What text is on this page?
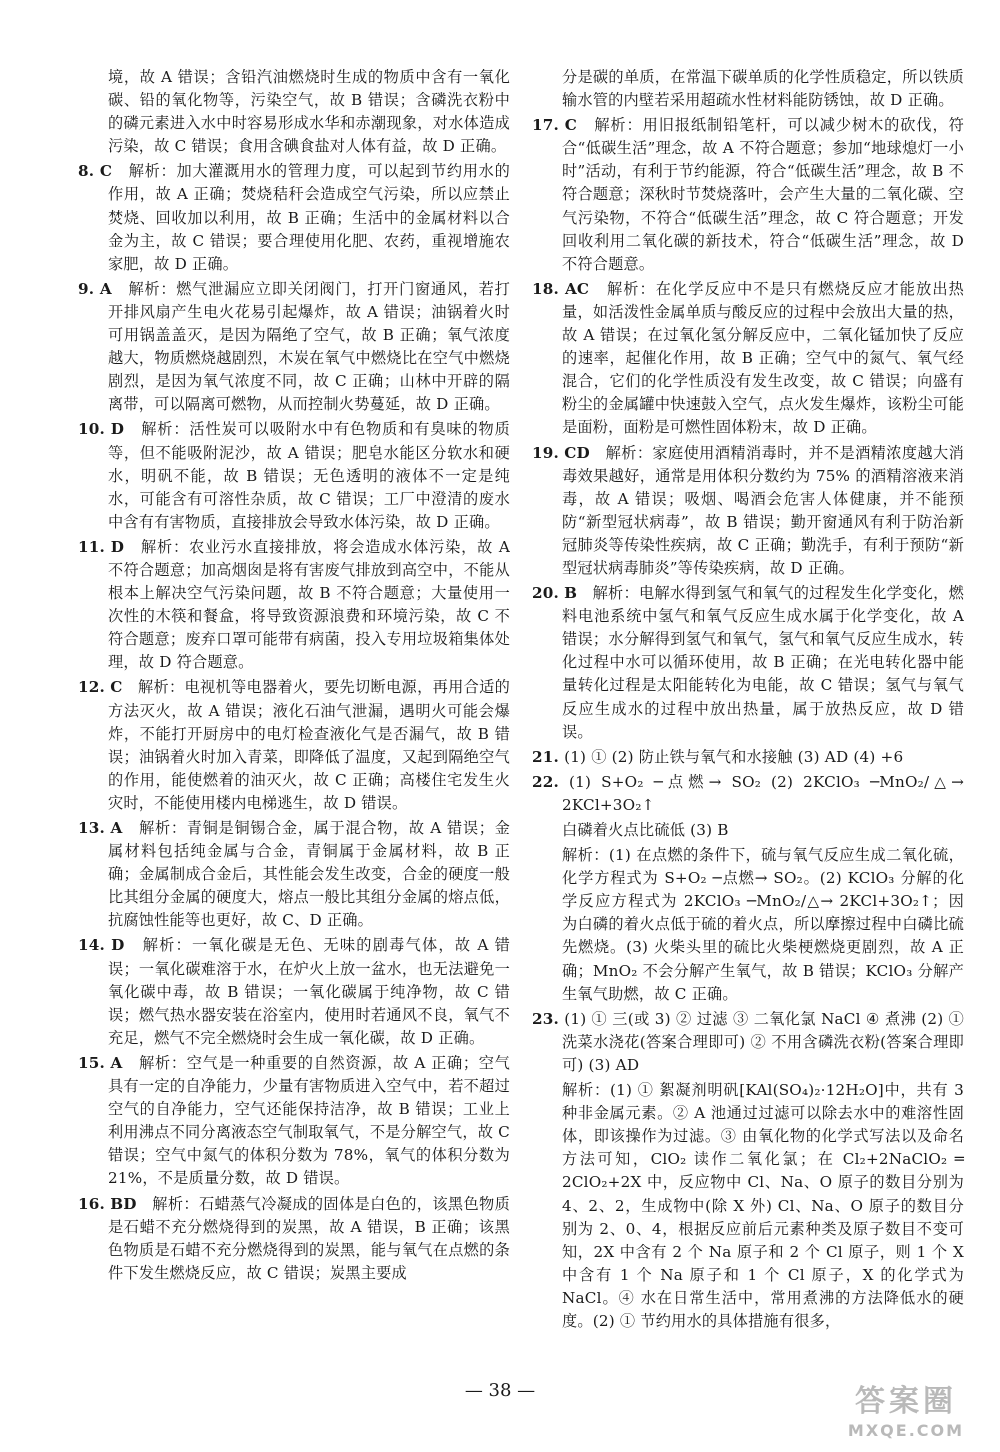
境，故 A 错误；含铅汽油燃烧时生成的物质中含有一氧化碳、铅的氧化物等，污染空气，故 B 错误；含磷洗衣粉中的磷元素进入水中时容易形成水华和赤潮现象，对水体造成污染，故 C 错误；食用含碘食盐对人体有益，故 D 正确。

8. C 解析：加大灌溉用水的管理力度，可以起到节约用水的作用，故 A 正确；焚烧秸秆会造成空气污染，所以应禁止焚烧、回收加以利用，故 B 正确；生活中的金属材料以合金为主，故 C 错误；要合理使用化肥、农药，重视增施农家肥，故 D 正确。

9. A 解析：燃气泄漏应立即关闭阀门，打开门窗通风，若打开排风扇产生电火花易引起爆炸，故 A 错误；油锅着火时可用锅盖盖灭，是因为隔绝了空气，故 B 正确；氧气浓度越大，物质燃烧越剧烈，木炭在氧气中燃烧比在空气中燃烧剧烈，是因为氧气浓度不同，故 C 正确；山林中开辟的隔离带，可以隔离可燃物，从而控制火势蔓延，故 D 正确。

10. D 解析：活性炭可以吸附水中有色物质和有臭味的物质等，但不能吸附泥沙，故 A 错误；肥皂水能区分软水和硬水，明矾不能，故 B 错误；无色透明的液体不一定是纯水，可能含有可溶性杂质，故 C 错误；工厂中澄清的废水中含有有害物质，直接排放会导致水体污染，故 D 正确。

11. D 解析：农业污水直接排放，将会造成水体污染，故 A 不符合题意；加高烟囱是将有害废气排放到高空中，不能从根本上解决空气污染问题，故 B 不符合题意；大量使用一次性的木筷和餐盒，将导致资源浪费和环境污染，故 C 不符合题意；废弃口罩可能带有病菌，投入专用垃圾箱集体处理，故 D 符合题意。

12. C 解析：电视机等电器着火，要先切断电源，再用合适的方法灭火，故 A 错误；液化石油气泄漏，遇明火可能会爆炸，不能打开厨房中的电灯检查液化气是否漏气，故 B 错误；油锅着火时加入青菜，即降低了温度，又起到隔绝空气的作用，能使燃着的油灭火，故 C 正确；高楼住宅发生火灾时，不能使用楼内电梯逃生，故 D 错误。

13. A 解析：青铜是铜锡合金，属于混合物，故 A 错误；金属材料包括纯金属与合金，青铜属于金属材料，故 B 正确；金属制成合金后，其性能会发生改变，合金的硬度一般比其组分金属的硬度大，熔点一般比其组分金属的熔点低，抗腐蚀性能等也更好，故 C、D 正确。

14. D 解析：一氧化碳是无色、无味的剧毒气体，故 A 错误；一氧化碳难溶于水，在炉火上放一盆水，也无法避免一氧化碳中毒，故 B 错误；一氧化碳属于纯净物，故 C 错误；燃气热水器安装在浴室内，使用时若通风不良，氧气不充足，燃气不完全燃烧时会生成一氧化碳，故 D 正确。

15. A 解析：空气是一种重要的自然资源，故 A 正确；空气具有一定的自净能力，少量有害物质进入空气中，若不超过空气的自净能力，空气还能保持洁净，故 B 错误；工业上利用沸点不同分离液态空气制取氧气，不是分解空气，故 C 错误；空气中氮气的体积分数为 78%，氧气的体积分数为 21%，不是质量分数，故 D 错误。

16. BD 解析：石蜡蒸气冷凝成的固体是白色的，该黑色物质是石蜡不充分燃烧得到的炭黑，故 A 错误，B 正确；该黑色物质是石蜡不充分燃烧得到的炭黑，能与氧气在点燃的条件下发生燃烧反应，故 C 错误；炭黑主要成

分是碳的单质，在常温下碳单质的化学性质稳定，所以铁质输水管的内壁若采用超疏水性材料能防锈蚀，故 D 正确。

17. C 解析：用旧报纸制铅笔杆，可以减少树木的砍伐，符合“低碳生活”理念，故 A 不符合题意；参加“地球熄灯一小时”活动，有利于节约能源，符合“低碳生活”理念，故 B 不符合题意；深秋时节焚烧落叶，会产生大量的二氧化碳、空气污染物，不符合“低碳生活”理念，故 C 符合题意；开发回收利用二氧化碳的新技术，符合“低碳生活”理念，故 D 不符合题意。

18. AC 解析：在化学反应中不是只有燃烧反应才能放出热量，如活泼性金属单质与酸反应的过程中会放出大量的热，故 A 错误；在过氧化氢分解反应中，二氧化锰加快了反应的速率，起催化作用，故 B 正确；空气中的氮气、氧气经混合，它们的化学性质没有发生改变，故 C 错误；向盛有粉尘的金属罐中快速鼓入空气，点火发生爆炸，该粉尘可能是面粉，面粉是可燃性固体粉末，故 D 正确。

19. CD 解析：家庭使用酒精消毒时，并不是酒精浓度越大消毒效果越好，通常是用体积分数约为 75% 的酒精溶液来消毒，故 A 错误；吸烟、喝酒会危害人体健康，并不能预防“新型冠状病毒”，故 B 错误；勤开窗通风有利于防治新冠肺炎等传染性疾病，故 C 正确；勤洗手，有利于预防“新型冠状病毒肺炎”等传染疾病，故 D 正确。

20. B 解析：电解水得到氢气和氧气的过程发生化学变化，燃料电池系统中氢气和氧气反应生成水属于化学变化，故 A 错误；水分解得到氢气和氧气，氢气和氧气反应生成水，转化过程中水可以循环使用，故 B 正确；在光电转化器中能量转化过程是太阳能转化为电能，故 C 错误；氢气与氧气反应生成水的过程中放出热量，属于放热反应，故 D 错误。

21. (1) ① (2) 防止铁与氧气和水接触 (3) AD (4) +6

22. (1) S+O₂ ─点燃→ SO₂ (2) 2KClO₃ ─MnO₂/△→ 2KCl+3O₂↑

白磷着火点比硫低 (3) B

解析：(1) 在点燃的条件下，硫与氧气反应生成二氧化硫，化学方程式为 S+O₂ ─点燃→ SO₂。(2) KClO₃ 分解的化学反应方程式为 2KClO₃ ─MnO₂/△→ 2KCl+3O₂↑；因为白磷的着火点低于硫的着火点，所以摩擦过程中白磷比硫先燃烧。(3) 火柴头里的硫比火柴梗燃烧更剧烈，故 A 正确；MnO₂ 不会分解产生氧气，故 B 错误；KClO₃ 分解产生氧气助燃，故 C 正确。

23. (1) ① 三(或 3) ② 过滤 ③ 二氧化氯 NaCl ④ 煮沸 (2) ① 洗菜水浇花(答案合理即可) ② 不用含磷洗衣粉(答案合理即可) (3) AD

解析：(1) ① 絮凝剂明矾[KAl(SO₄)₂·12H₂O]中，共有 3 种非金属元素。② A 池通过过滤可以除去水中的难溶性固体，即该操作为过滤。③ 由氧化物的化学式写法以及命名方法可知，ClO₂ 读作二氧化氯；在 Cl₂+2NaClO₂ ═ 2ClO₂+2X 中，反应物中 Cl、Na、O 原子的数目分别为 4、2、2，生成物中(除 X 外) Cl、Na、O 原子的数目分别为 2、0、4，根据反应前后元素种类及原子数目不变可知，2X 中含有 2 个 Na 原子和 2 个 Cl 原子，则 1 个 X 中含有 1 个 Na 原子和 1 个 Cl 原子，X 的化学式为 NaCl。④ 水在日常生活中，常用煮沸的方法降低水的硬度。(2) ① 节约用水的具体措施有很多，

— 38 —	答案圈
MXQE.COM
